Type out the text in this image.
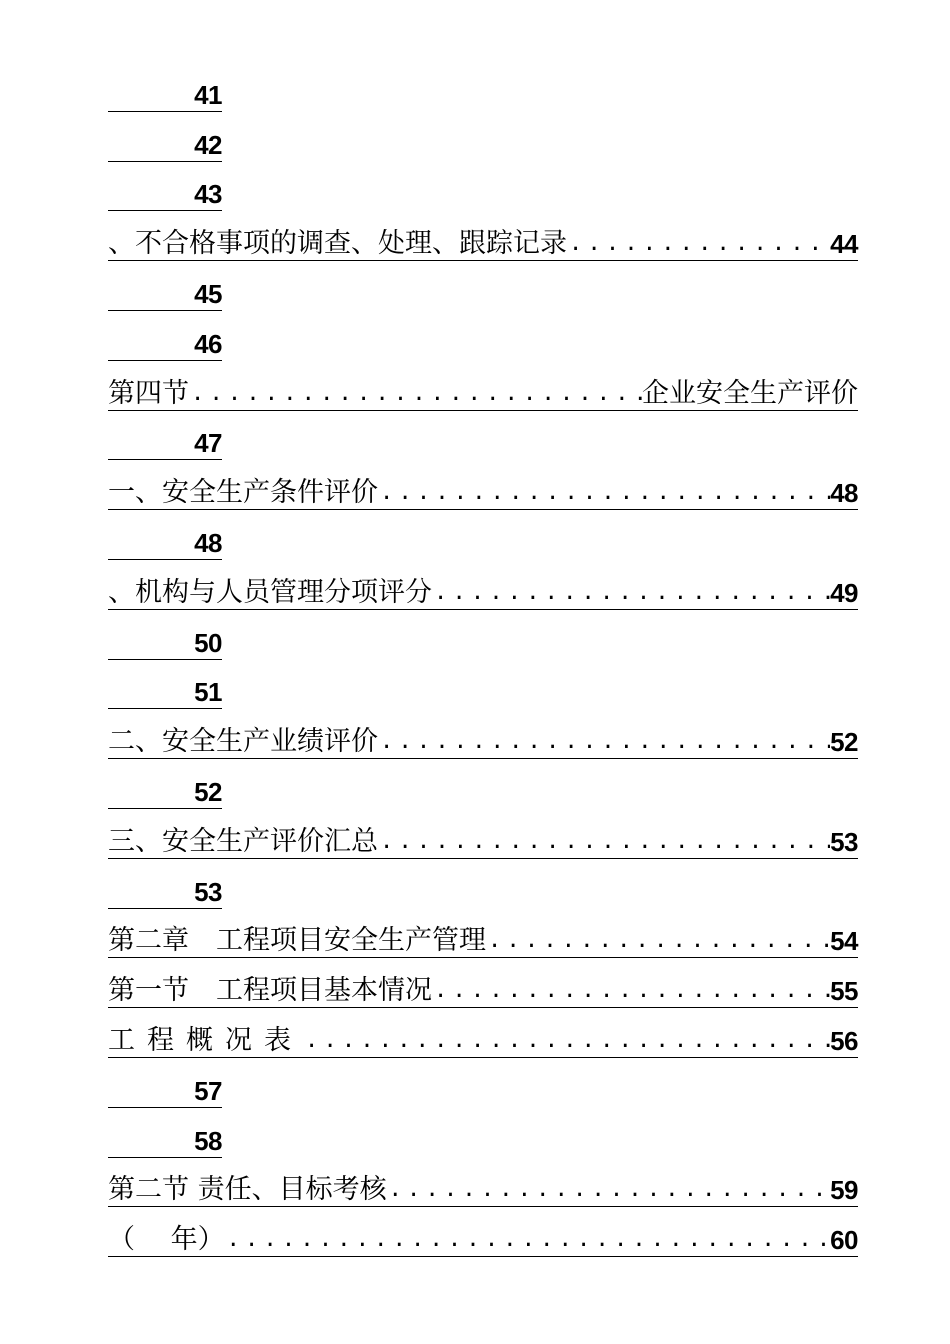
41
42
43
、不合格事项的调查、处理、跟踪记录 .....	44
45
46
第四节 .....	企业安全生产评价
47
一、安全生产条件评价 .....	48
48
、机构与人员管理分项评分 .....	49
50
51
二、安全生产业绩评价 .....	52
52
三、安全生产评价汇总 .....	53
53
第二章　工程项目安全生产管理 .....	54
第一节　工程项目基本情况 .....	55
工程概况表 .....	56
57
58
第二节 责任、目标考核 .....	59
（　 年） .....	60
